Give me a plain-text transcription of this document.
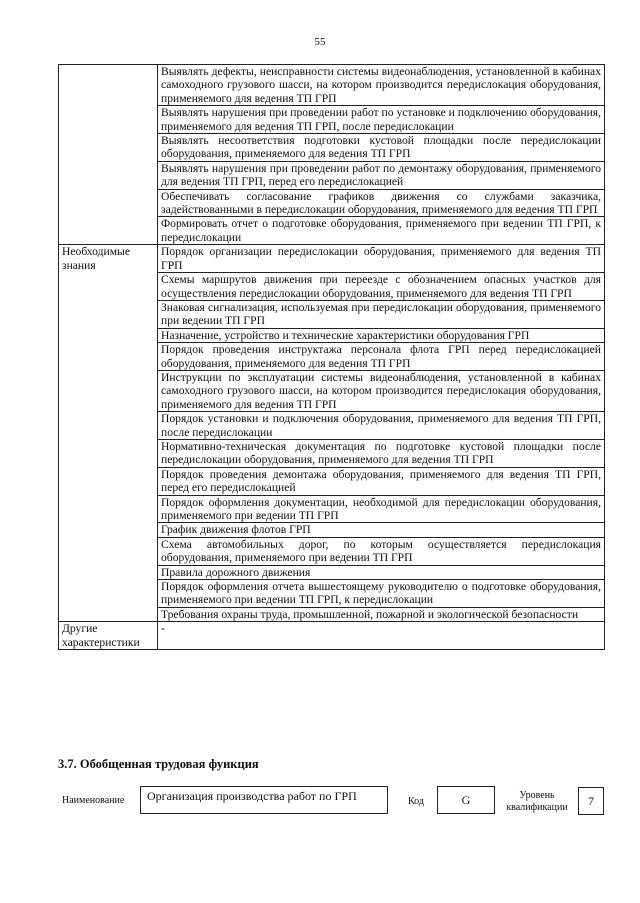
55
	Выявлять дефекты, неисправности системы видеонаблюдения, установленной в кабинах самоходного грузового шасси, на котором производится передислокация оборудования, применяемого для ведения ТП ГРП
	Выявлять нарушения при проведении работ по установке и подключению оборудования, применяемого для ведения ТП ГРП, после передислокации
	Выявлять несоответствия подготовки кустовой площадки после передислокации оборудования, применяемого для ведения ТП ГРП
	Выявлять нарушения при проведении работ по демонтажу оборудования, применяемого для ведения ТП ГРП, перед его передислокацией
	Обеспечивать согласование графиков движения со службами заказчика, задействованными в передислокации оборудования, применяемого для ведения ТП ГРП
	Формировать отчет о подготовке оборудования, применяемого при ведении ТП ГРП, к передислокации
Необходимые знания	Порядок организации передислокации оборудования, применяемого для ведения ТП ГРП
	Схемы маршрутов движения при переезде с обозначением опасных участков для осуществления передислокации оборудования, применяемого для ведения ТП ГРП
	Знаковая сигнализация, используемая при передислокации оборудования, применяемого при ведении ТП ГРП
	Назначение, устройство и технические характеристики оборудования ГРП
	Порядок проведения инструктажа персонала флота ГРП перед передислокацией оборудования, применяемого для ведения ТП ГРП
	Инструкции по эксплуатации системы видеонаблюдения, установленной в кабинах самоходного грузового шасси, на котором производится передислокация оборудования, применяемого для ведения ТП ГРП
	Порядок установки и подключения оборудования, применяемого для ведения ТП ГРП, после передислокации
	Нормативно-техническая документация по подготовке кустовой площадки после передислокации оборудования, применяемого для ведения ТП ГРП
	Порядок проведения демонтажа оборудования, применяемого для ведения ТП ГРП, перед его передислокацией
	Порядок оформления документации, необходимой для передислокации оборудования, применяемого при ведении ТП ГРП
	График движения флотов ГРП
	Схема автомобильных дорог, по которым осуществляется передислокация оборудования, применяемого при ведении ТП ГРП
	Правила дорожного движения
	Порядок оформления отчета вышестоящему руководителю о подготовке оборудования, применяемого при ведении ТП ГРП, к передислокации
	Требования охраны труда, промышленной, пожарной и экологической безопасности
Другие характеристики	-
3.7. Обобщенная трудовая функция
Наименование	Организация производства работ по ГРП	Код	G	Уровень квалификации	7
